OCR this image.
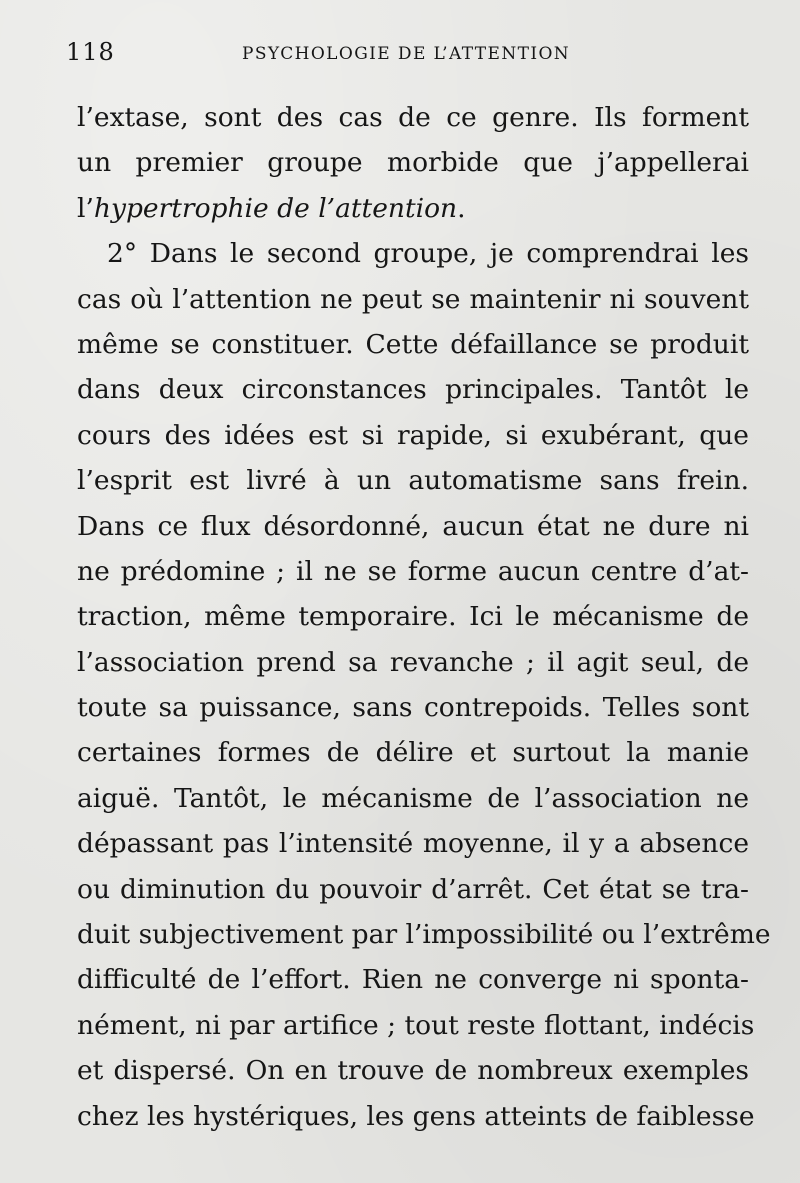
118	PSYCHOLOGIE DE L’ATTENTION
l’extase, sont des cas de ce genre. Ils forment
un premier groupe morbide que j’appellerai
l’hypertrophie de l’attention.
2° Dans le second groupe, je comprendrai les
cas où l’attention ne peut se maintenir ni souvent
même se constituer. Cette défaillance se produit
dans deux circonstances principales. Tantôt le
cours des idées est si rapide, si exubérant, que
l’esprit est livré à un automatisme sans frein.
Dans ce flux désordonné, aucun état ne dure ni
ne prédomine ; il ne se forme aucun centre d’at-
traction, même temporaire. Ici le mécanisme de
l’association prend sa revanche ; il agit seul, de
toute sa puissance, sans contrepoids. Telles sont
certaines formes de délire et surtout la manie
aiguë. Tantôt, le mécanisme de l’association ne
dépassant pas l’intensité moyenne, il y a absence
ou diminution du pouvoir d’arrêt. Cet état se tra-
duit subjectivement par l’impossibilité ou l’extrême
difficulté de l’effort. Rien ne converge ni sponta-
nément, ni par artifice ; tout reste flottant, indécis
et dispersé. On en trouve de nombreux exemples
chez les hystériques, les gens atteints de faiblesse
